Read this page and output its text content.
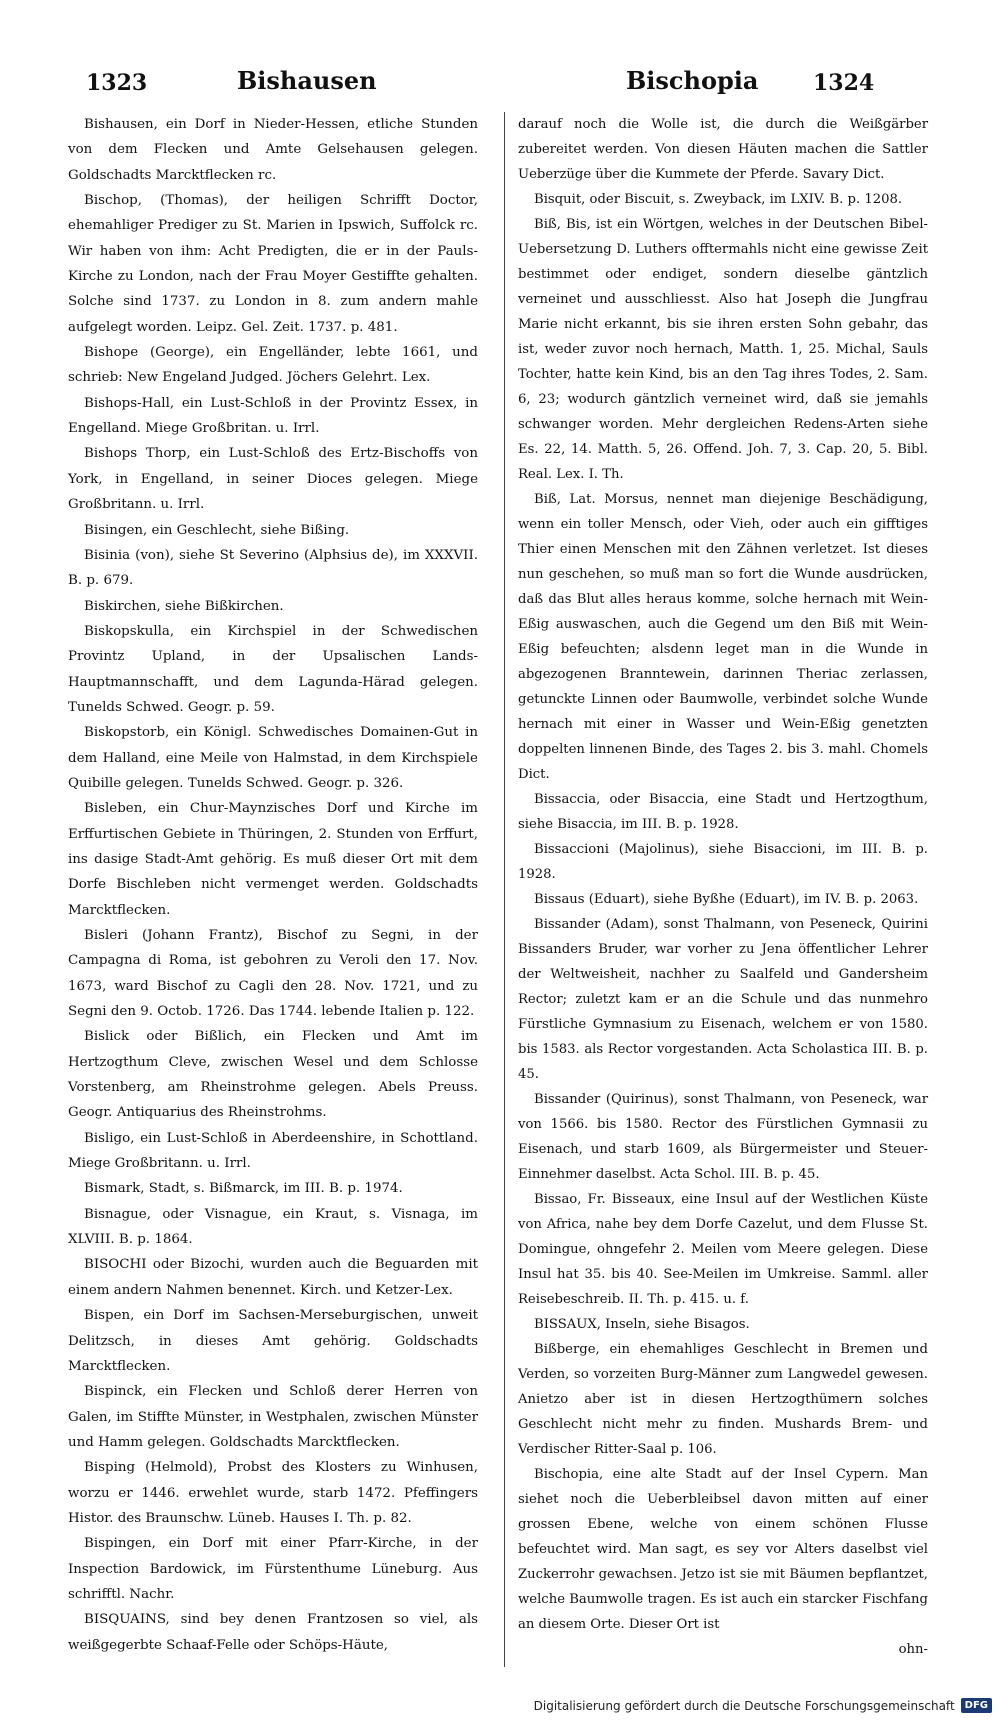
1323	Bishausen	Bischopia 1324

Bishausen, ein Dorf in Nieder-Hessen, etliche Stunden von dem Flecken und Amte Gelsehausen gelegen. Goldschadts Marcktflecken rc.

Bischop, (Thomas), der heiligen Schrifft Doctor, ehemahliger Prediger zu St. Marien in Ipswich, Suffolck rc. Wir haben von ihm: Acht Predigten, die er in der Pauls-Kirche zu London, nach der Frau Moyer Gestiffte gehalten. Solche sind 1737. zu London in 8. zum andern mahle aufgelegt worden. Leipz. Gel. Zeit. 1737. p. 481.

Bishope (George), ein Engelländer, lebte 1661, und schrieb: New Engeland Judged. Jöchers Gelehrt. Lex.

Bishops-Hall, ein Lust-Schloß in der Provintz Essex, in Engelland. Miege Großbritan. u. Irrl.

Bishops Thorp, ein Lust-Schloß des Ertz-Bischoffs von York, in Engelland, in seiner Dioces gelegen. Miege Großbritann. u. Irrl.

Bisingen, ein Geschlecht, siehe Bißing.

Bisinia (von), siehe St Severino (Alphsius de), im XXXVII. B. p. 679.

Biskirchen, siehe Bißkirchen.

Biskopskulla, ein Kirchspiel in der Schwedischen Provintz Upland, in der Upsalischen Lands-Hauptmannschafft, und dem Lagunda-Härad gelegen. Tunelds Schwed. Geogr. p. 59.

Biskopstorb, ein Königl. Schwedisches Domainen-Gut in dem Halland, eine Meile von Halmstad, in dem Kirchspiele Quibille gelegen. Tunelds Schwed. Geogr. p. 326.

Bisleben, ein Chur-Maynzisches Dorf und Kirche im Erffurtischen Gebiete in Thüringen, 2. Stunden von Erffurt, ins dasige Stadt-Amt gehörig. Es muß dieser Ort mit dem Dorfe Bischleben nicht vermenget werden. Goldschadts Marcktflecken.

Bisleri (Johann Frantz), Bischof zu Segni, in der Campagna di Roma, ist gebohren zu Veroli den 17. Nov. 1673, ward Bischof zu Cagli den 28. Nov. 1721, und zu Segni den 9. Octob. 1726. Das 1744. lebende Italien p. 122.

Bislick oder Bißlich, ein Flecken und Amt im Hertzogthum Cleve, zwischen Wesel und dem Schlosse Vorstenberg, am Rheinstrohme gelegen. Abels Preuss. Geogr. Antiquarius des Rheinstrohms.

Bisligo, ein Lust-Schloß in Aberdeenshire, in Schottland. Miege Großbritann. u. Irrl.

Bismark, Stadt, s. Bißmarck, im III. B. p. 1974.

Bisnague, oder Visnague, ein Kraut, s. Visnaga, im XLVIII. B. p. 1864.

BISOCHI oder Bizochi, wurden auch die Beguarden mit einem andern Nahmen benennet. Kirch. und Ketzer-Lex.

Bispen, ein Dorf im Sachsen-Merseburgischen, unweit Delitzsch, in dieses Amt gehörig. Goldschadts Marcktflecken.

Bispinck, ein Flecken und Schloß derer Herren von Galen, im Stiffte Münster, in Westphalen, zwischen Münster und Hamm gelegen. Goldschadts Marcktflecken.

Bisping (Helmold), Probst des Klosters zu Winhusen, worzu er 1446. erwehlet wurde, starb 1472. Pfeffingers Histor. des Braunschw. Lüneb. Hauses I. Th. p. 82.

Bispingen, ein Dorf mit einer Pfarr-Kirche, in der Inspection Bardowick, im Fürstenthume Lüneburg. Aus schrifftl. Nachr.

BISQUAINS, sind bey denen Frantzosen so viel, als weißgegerbte Schaaf-Felle oder Schöps-Häute,

darauf noch die Wolle ist, die durch die Weißgärber zubereitet werden. Von diesen Häuten machen die Sattler Ueberzüge über die Kummete der Pferde. Savary Dict.

Bisquit, oder Biscuit, s. Zweyback, im LXIV. B. p. 1208.

Biß, Bis, ist ein Wörtgen, welches in der Deutschen Bibel-Uebersetzung D. Luthers offtermahls nicht eine gewisse Zeit bestimmet oder endiget, sondern dieselbe gäntzlich verneinet und ausschliesst. Also hat Joseph die Jungfrau Marie nicht erkannt, bis sie ihren ersten Sohn gebahr, das ist, weder zuvor noch hernach, Matth. 1, 25. Michal, Sauls Tochter, hatte kein Kind, bis an den Tag ihres Todes, 2. Sam. 6, 23; wodurch gäntzlich verneinet wird, daß sie jemahls schwanger worden. Mehr dergleichen Redens-Arten siehe Es. 22, 14. Matth. 5, 26. Offend. Joh. 7, 3. Cap. 20, 5. Bibl. Real. Lex. I. Th.

Biß, Lat. Morsus, nennet man diejenige Beschädigung, wenn ein toller Mensch, oder Vieh, oder auch ein gifftiges Thier einen Menschen mit den Zähnen verletzet. Ist dieses nun geschehen, so muß man so fort die Wunde ausdrücken, daß das Blut alles heraus komme, solche hernach mit Wein-Eßig auswaschen, auch die Gegend um den Biß mit Wein-Eßig befeuchten; alsdenn leget man in die Wunde in abgezogenen Branntewein, darinnen Theriac zerlassen, getunckte Linnen oder Baumwolle, verbindet solche Wunde hernach mit einer in Wasser und Wein-Eßig genetzten doppelten linnenen Binde, des Tages 2. bis 3. mahl. Chomels Dict.

Bissaccia, oder Bisaccia, eine Stadt und Hertzogthum, siehe Bisaccia, im III. B. p. 1928.

Bissaccioni (Majolinus), siehe Bisaccioni, im III. B. p. 1928.

Bissaus (Eduart), siehe Byßhe (Eduart), im IV. B. p. 2063.

Bissander (Adam), sonst Thalmann, von Peseneck, Quirini Bissanders Bruder, war vorher zu Jena öffentlicher Lehrer der Weltweisheit, nachher zu Saalfeld und Gandersheim Rector; zuletzt kam er an die Schule und das nunmehro Fürstliche Gymnasium zu Eisenach, welchem er von 1580. bis 1583. als Rector vorgestanden. Acta Scholastica III. B. p. 45.

Bissander (Quirinus), sonst Thalmann, von Peseneck, war von 1566. bis 1580. Rector des Fürstlichen Gymnasii zu Eisenach, und starb 1609, als Bürgermeister und Steuer-Einnehmer daselbst. Acta Schol. III. B. p. 45.

Bissao, Fr. Bisseaux, eine Insul auf der Westlichen Küste von Africa, nahe bey dem Dorfe Cazelut, und dem Flusse St. Domingue, ohngefehr 2. Meilen vom Meere gelegen. Diese Insul hat 35. bis 40. See-Meilen im Umkreise. Samml. aller Reisebeschreib. II. Th. p. 415. u. f.

BISSAUX, Inseln, siehe Bisagos.

Bißberge, ein ehemahliges Geschlecht in Bremen und Verden, so vorzeiten Burg-Männer zum Langwedel gewesen. Anietzo aber ist in diesen Hertzogthümern solches Geschlecht nicht mehr zu finden. Mushards Brem- und Verdischer Ritter-Saal p. 106.

Bischopia, eine alte Stadt auf der Insel Cypern. Man siehet noch die Ueberbleibsel davon mitten auf einer grossen Ebene, welche von einem schönen Flusse befeuchtet wird. Man sagt, es sey vor Alters daselbst viel Zuckerrohr gewachsen. Jetzo ist sie mit Bäumen bepflantzet, welche Baumwolle tragen. Es ist auch ein starcker Fischfang an diesem Orte. Dieser Ort ist

ohn-

Digitalisierung gefördert durch die Deutsche Forschungsgemeinschaft	DFG
